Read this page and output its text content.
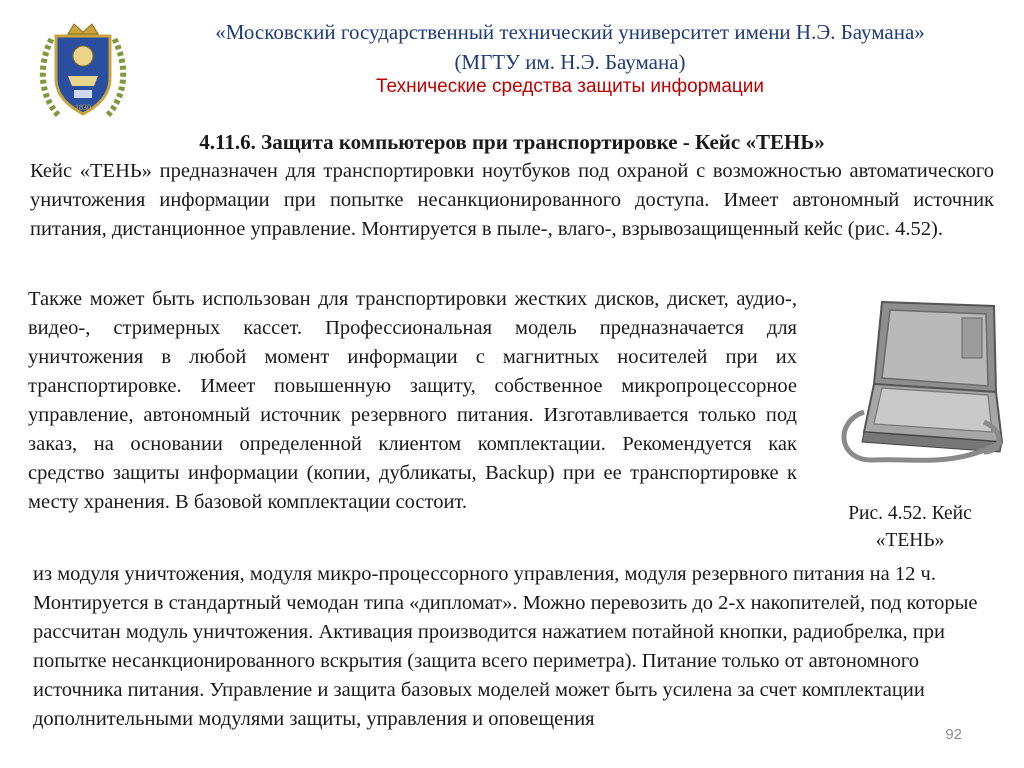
1830
«Московский государственный технический университет имени Н.Э. Баумана»
(МГТУ им. Н.Э. Баумана)
Технические средства защиты информации
4.11.6. Защита компьютеров при транспортировке - Кейс «ТЕНЬ»

Кейс «ТЕНЬ» предназначен для транспортировки ноутбуков под охраной с возможностью автоматического уничтожения информации при попытке несанкционированного доступа. Имеет автономный источник питания, дистанционное управление. Монтируется в пыле-, влаго-, взрывозащищенный кейс (рис. 4.52).

Также может быть использован для транспортировки жестких дисков, дискет, аудио-, видео-, стримерных кассет. Профессиональная модель предназначается для уничтожения в любой момент информации с магнитных носителей при их транспортировке. Имеет повышенную защиту, собственное микропроцессорное управление, автономный источник резервного питания. Изготавливается только под заказ, на основании определенной клиентом комплектации. Рекомендуется как средство защиты информации (копии, дубликаты, Backup) при ее транспортировке к месту хранения. В базовой комплектации состоит.

из модуля уничтожения, модуля микро-процессорного управления, модуля резервного питания на 12 ч. Монтируется в стандартный чемодан типа «дипломат». Можно перевозить до 2-х накопителей, под которые рассчитан модуль уничтожения. Активация производится нажатием потайной кнопки, радиобрелка, при попытке несанкционированного вскрытия (защита всего периметра). Питание только от автономного источника питания. Управление и защита базовых моделей может быть усилена за счет комплектации дополнительными модулями защиты, управления и оповещения

Рис. 4.52. Кейс
«ТЕНЬ»
92
